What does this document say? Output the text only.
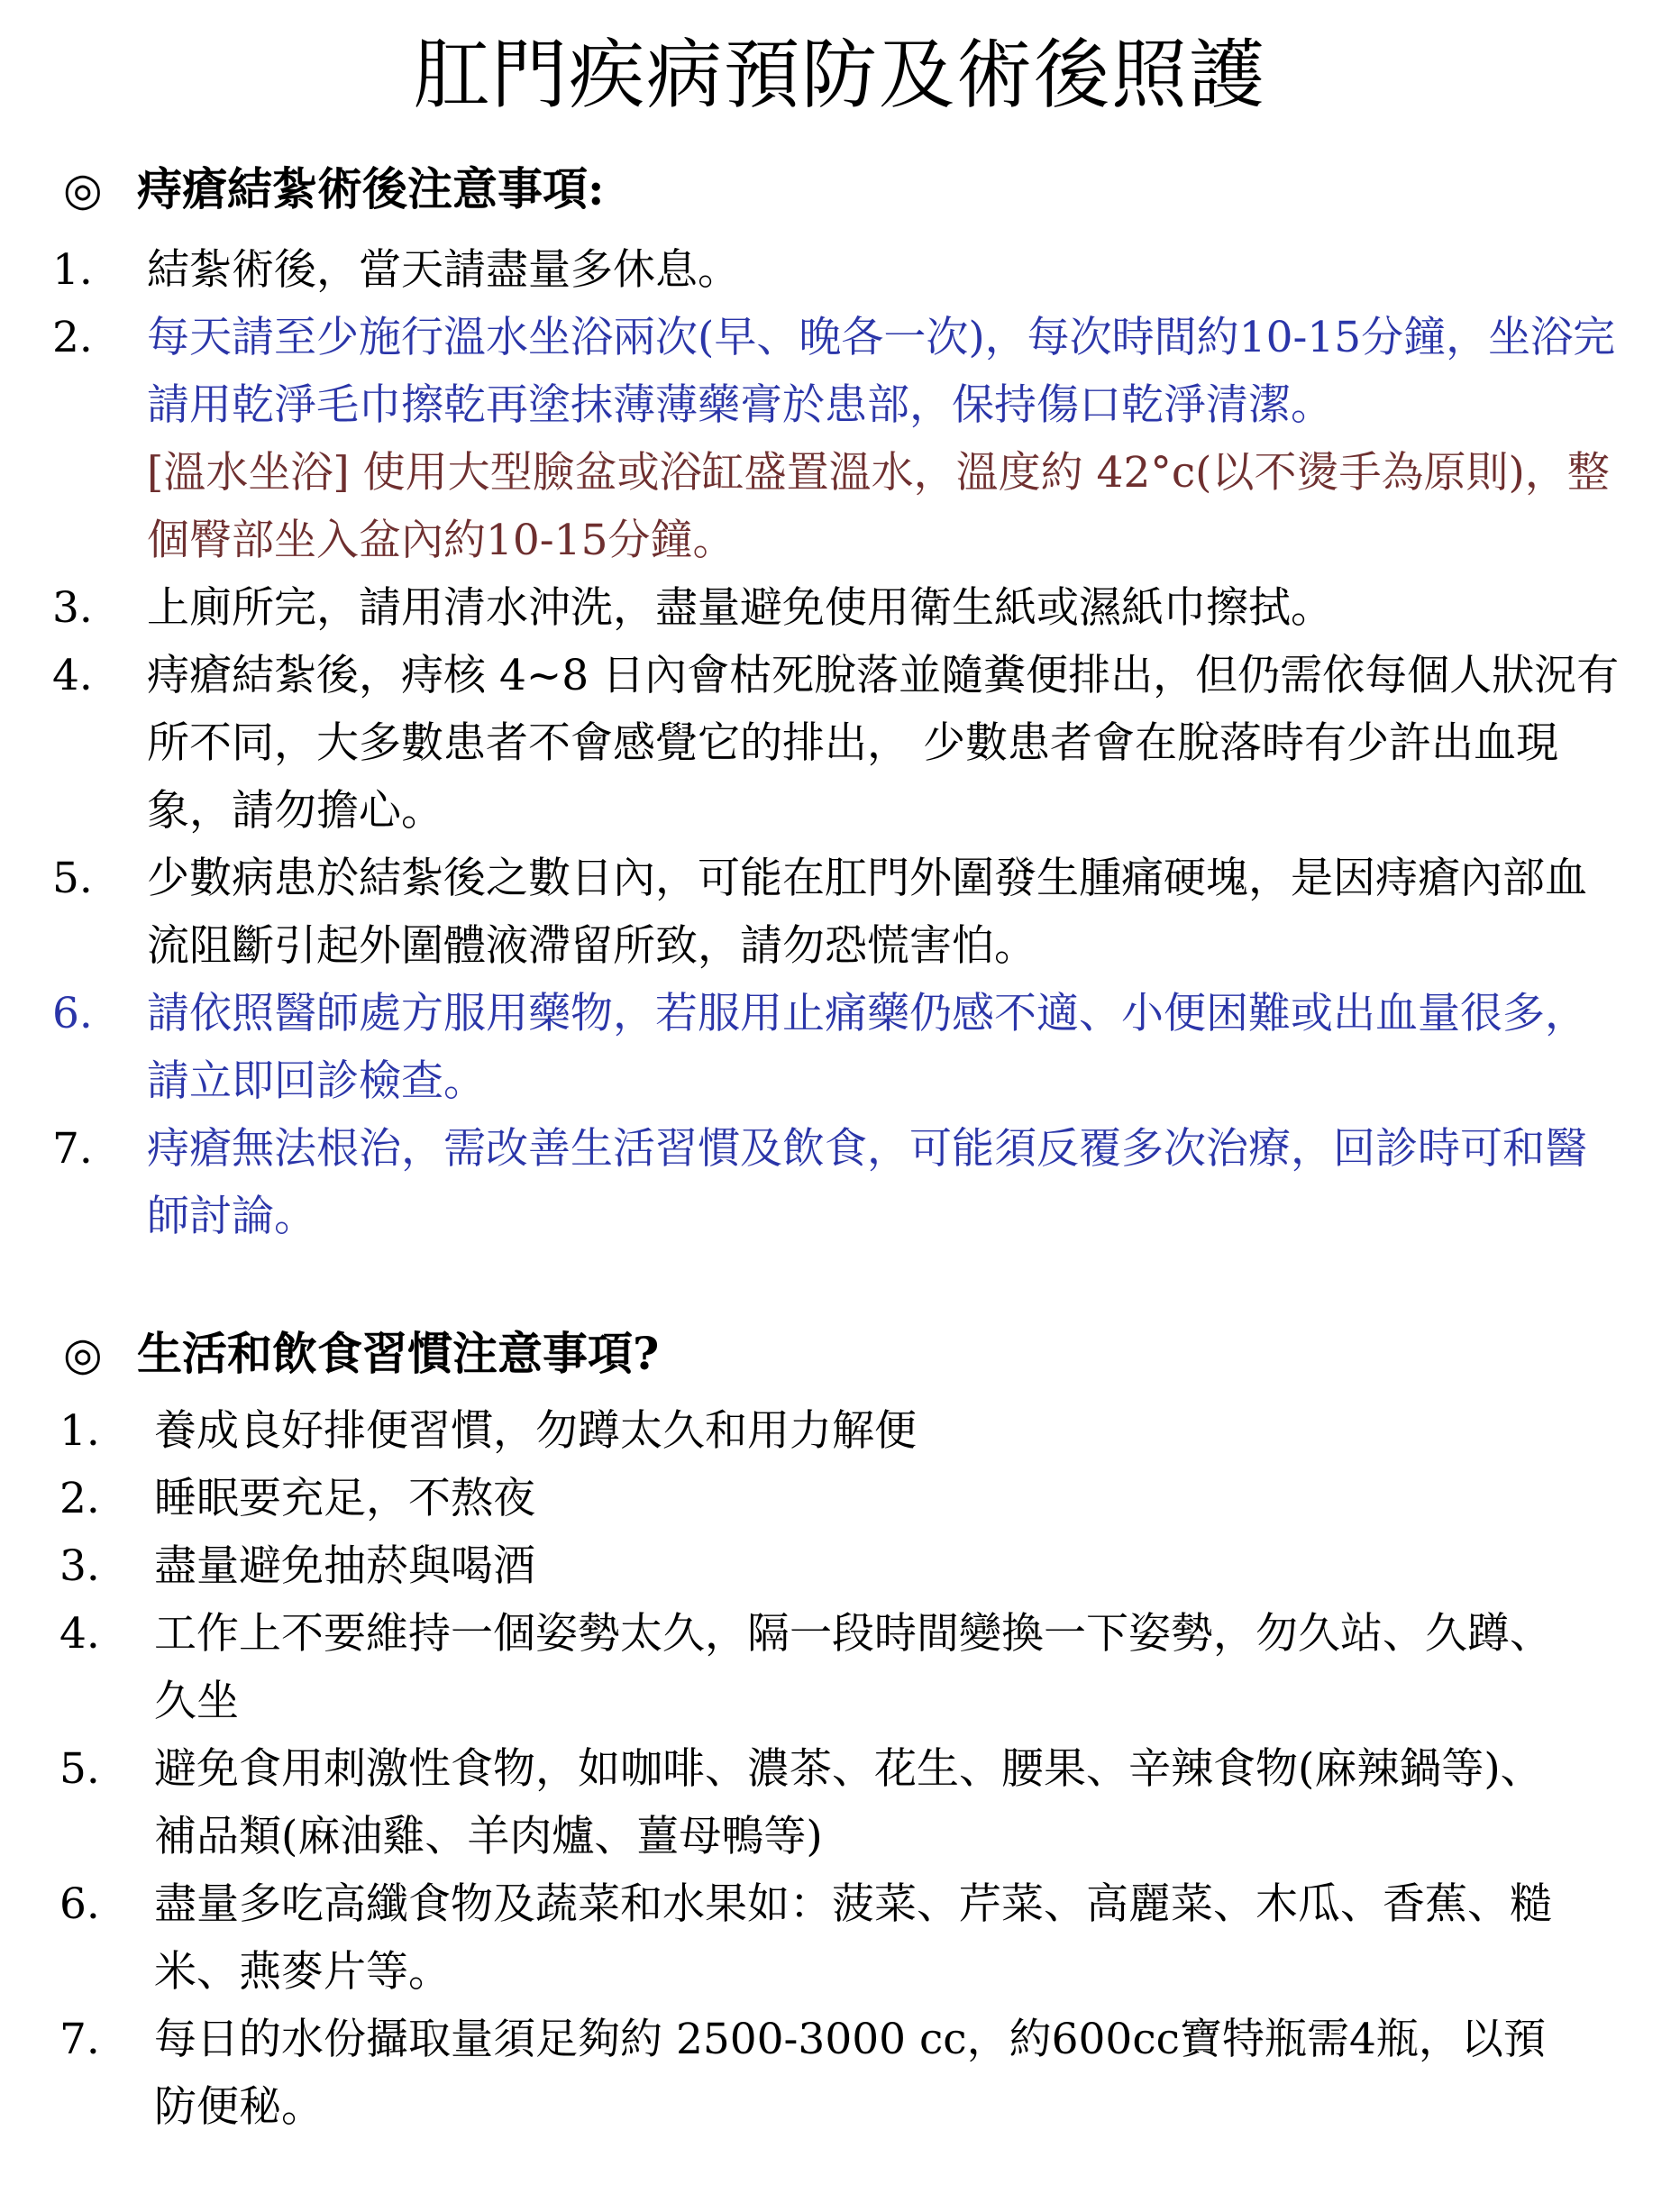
肛門疾病預防及術後照護
◎ 痔瘡結紮術後注意事項:
1.	結紮術後，當天請盡量多休息。
2.	每天請至少施行溫水坐浴兩次(早、晚各一次)，每次時間約10-15分鐘，坐浴完請用乾淨毛巾擦乾再塗抹薄薄藥膏於患部，保持傷口乾淨清潔。
[溫水坐浴] 使用大型臉盆或浴缸盛置溫水，溫度約 42°c(以不燙手為原則)，整個臀部坐入盆內約10-15分鐘。
3.	上廁所完，請用清水沖洗，盡量避免使用衛生紙或濕紙巾擦拭。
4.	痔瘡結紮後，痔核 4~8 日內會枯死脫落並隨糞便排出，但仍需依每個人狀況有所不同，大多數患者不會感覺它的排出， 少數患者會在脫落時有少許出血現象，請勿擔心。
5.	少數病患於結紮後之數日內，可能在肛門外圍發生腫痛硬塊，是因痔瘡內部血流阻斷引起外圍體液滯留所致，請勿恐慌害怕。
6.	請依照醫師處方服用藥物，若服用止痛藥仍感不適、小便困難或出血量很多，請立即回診檢查。
7.	痔瘡無法根治，需改善生活習慣及飲食，可能須反覆多次治療，回診時可和醫師討論。
◎ 生活和飲食習慣注意事項?
1.	養成良好排便習慣，勿蹲太久和用力解便
2.	睡眠要充足，不熬夜
3.	盡量避免抽菸與喝酒
4.	工作上不要維持一個姿勢太久，隔一段時間變換一下姿勢，勿久站、久蹲、久坐
5.	避免食用刺激性食物，如咖啡、濃茶、花生、腰果、辛辣食物(麻辣鍋等)、補品類(麻油雞、羊肉爐、薑母鴨等)
6.	盡量多吃高纖食物及蔬菜和水果如：菠菜、芹菜、高麗菜、木瓜、香蕉、糙米、燕麥片等。
7.	每日的水份攝取量須足夠約 2500-3000 cc，約600cc寶特瓶需4瓶，以預防便秘。
